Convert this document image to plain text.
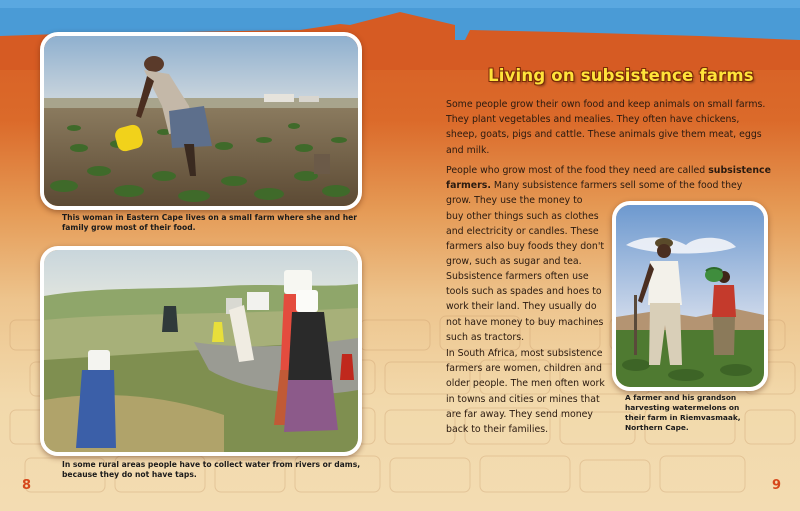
This woman in Eastern Cape lives on a small farm where she and her
family grow most of their food.
In some rural areas people have to collect water from rivers or dams,
because they do not have taps.
Living on subsistence farms
Some people grow their own food and keep animals on small farms.
They plant vegetables and mealies. They often have chickens,
sheep, goats, pigs and cattle. These animals give them meat, eggs
and milk.
People who grow most of the food they need are called subsistence
farmers. Many subsistence farmers sell some of the food they
grow. They use the money to
buy other things such as clothes
and electricity or candles. These
farmers also buy foods they don't
grow, such as sugar and tea.
Subsistence farmers often use
tools such as spades and hoes to
work their land. They usually do
not have money to buy machines
such as tractors.
In South Africa, most subsistence
farmers are women, children and
older people. The men often work
in towns and cities or mines that
are far away. They send money
back to their families.
A farmer and his grandson
harvesting watermelons on
their farm in Riemvasmaak,
Northern Cape.
8	9
